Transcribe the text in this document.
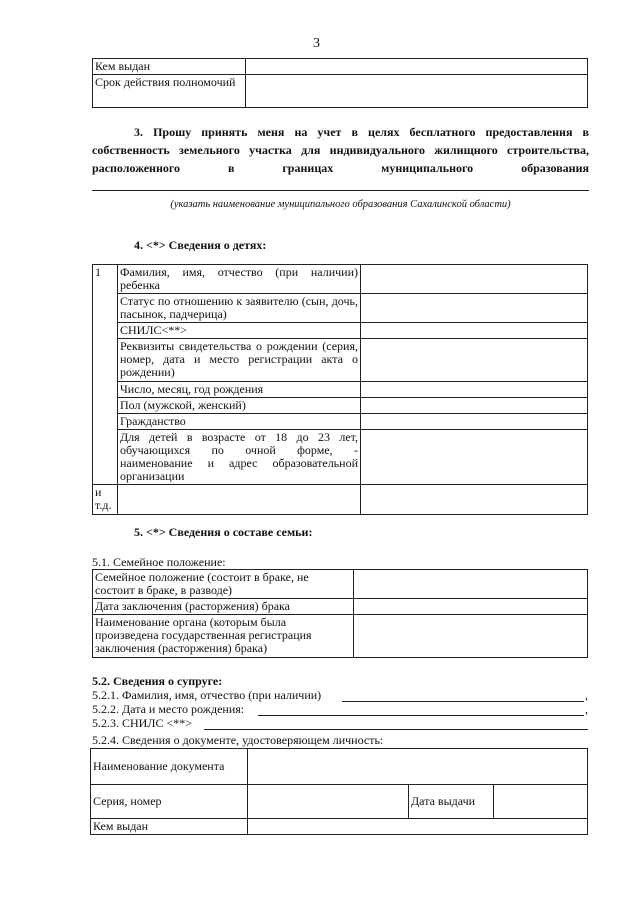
3
Кем выдан	
Срок действия полномочий	
3. Прошу принять меня на учет в целях бесплатного предоставления в
собственность земельного участка для индивидуального жилищного строительства,
расположенного в границах муниципального образования
(указать наименование муниципального образования Сахалинской области)
4. <*> Сведения о детях:
1	Фамилия, имя, отчество (при наличии) ребенка	
	Статус по отношению к заявителю (сын, дочь, пасынок, падчерица)	
	СНИЛС<**>	
	Реквизиты свидетельства о рождении (серия, номер, дата и место регистрации акта о рождении)	
	Число, месяц, год рождения	
	Пол (мужской, женский)	
	Гражданство	
	Для детей в возрасте от 18 до 23 лет, обучающихся по очной форме, - наименование и адрес образовательной организации	
и т.д.		
5. <*> Сведения о составе семьи:
5.1. Семейное положение:
Семейное положение (состоит в браке, не состоит в браке, в разводе)	
Дата заключения (расторжения) брака	
Наименование органа (которым была произведена государственная регистрация заключения (расторжения) брака)	
5.2. Сведения о супруге:
5.2.1. Фамилия, имя, отчество (при наличии)	,
5.2.2. Дата и место рождения:	,
5.2.3. СНИЛС <**>
5.2.4. Сведения о документе, удостоверяющем личность:
Наименование документа			
Серия, номер		Дата выдачи	
Кем выдан			
